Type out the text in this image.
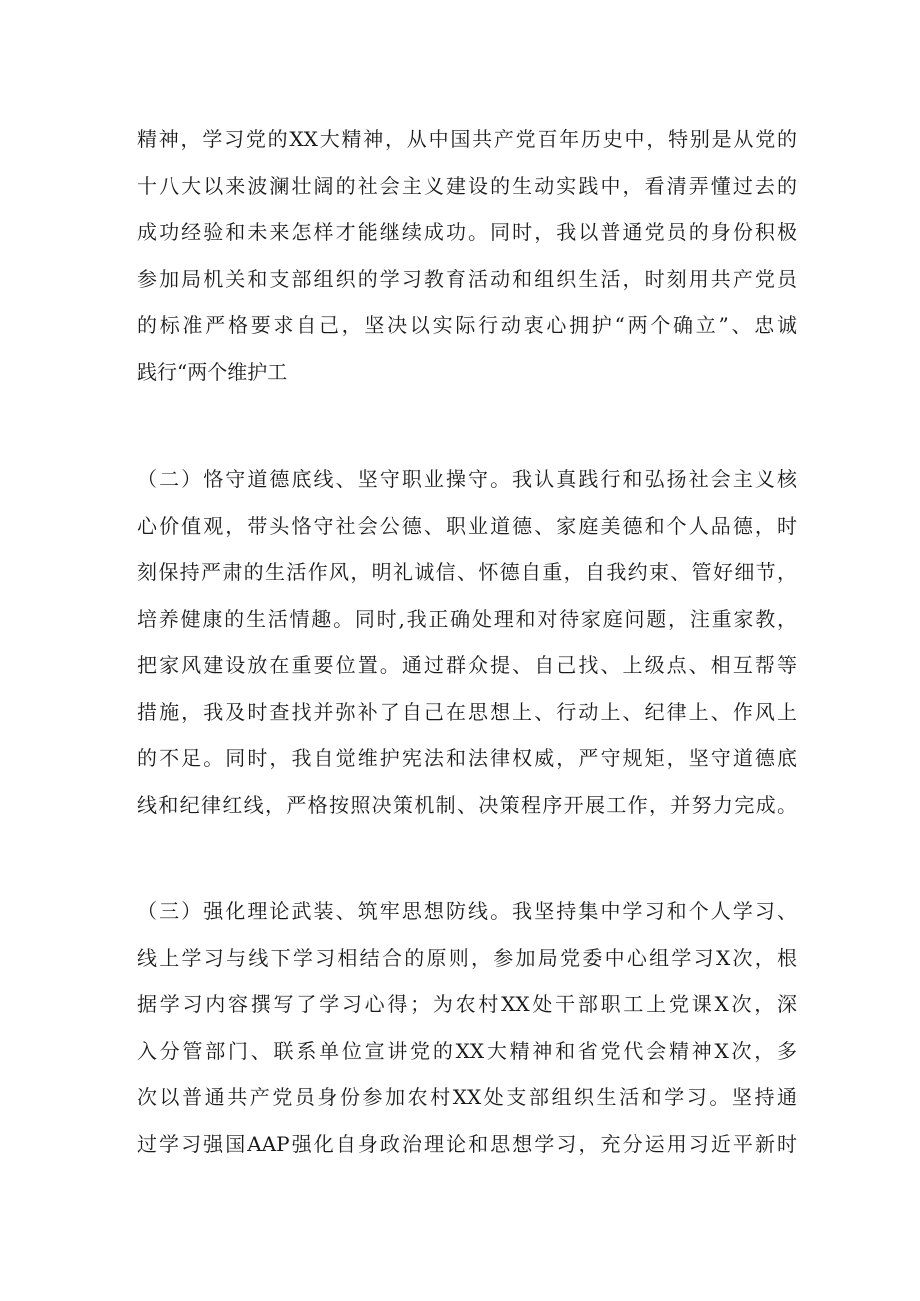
精神，学习党的XX大精神，从中国共产党百年历史中，特别是从党的
十八大以来波澜壮阔的社会主义建设的生动实践中，看清弄懂过去的
成功经验和未来怎样才能继续成功。同时，我以普通党员的身份积极
参加局机关和支部组织的学习教育活动和组织生活，时刻用共产党员
的标准严格要求自己，坚决以实际行动衷心拥护“两个确立”、忠诚
践行“两个维护工
（二）恪守道德底线、坚守职业操守。我认真践行和弘扬社会主义核
心价值观，带头恪守社会公德、职业道德、家庭美德和个人品德，时
刻保持严肃的生活作风，明礼诚信、怀德自重，自我约束、管好细节，
培养健康的生活情趣。同时,我正确处理和对待家庭问题，注重家教，
把家风建设放在重要位置。通过群众提、自己找、上级点、相互帮等
措施，我及时查找并弥补了自己在思想上、行动上、纪律上、作风上
的不足。同时，我自觉维护宪法和法律权威，严守规矩，坚守道德底
线和纪律红线，严格按照决策机制、决策程序开展工作，并努力完成。
（三）强化理论武装、筑牢思想防线。我坚持集中学习和个人学习、
线上学习与线下学习相结合的原则，参加局党委中心组学习X次，根
据学习内容撰写了学习心得；为农村XX处干部职工上党课X次，深
入分管部门、联系单位宣讲党的XX大精神和省党代会精神X次，多
次以普通共产党员身份参加农村XX处支部组织生活和学习。坚持通
过学习强国AAP强化自身政治理论和思想学习，充分运用习近平新时
